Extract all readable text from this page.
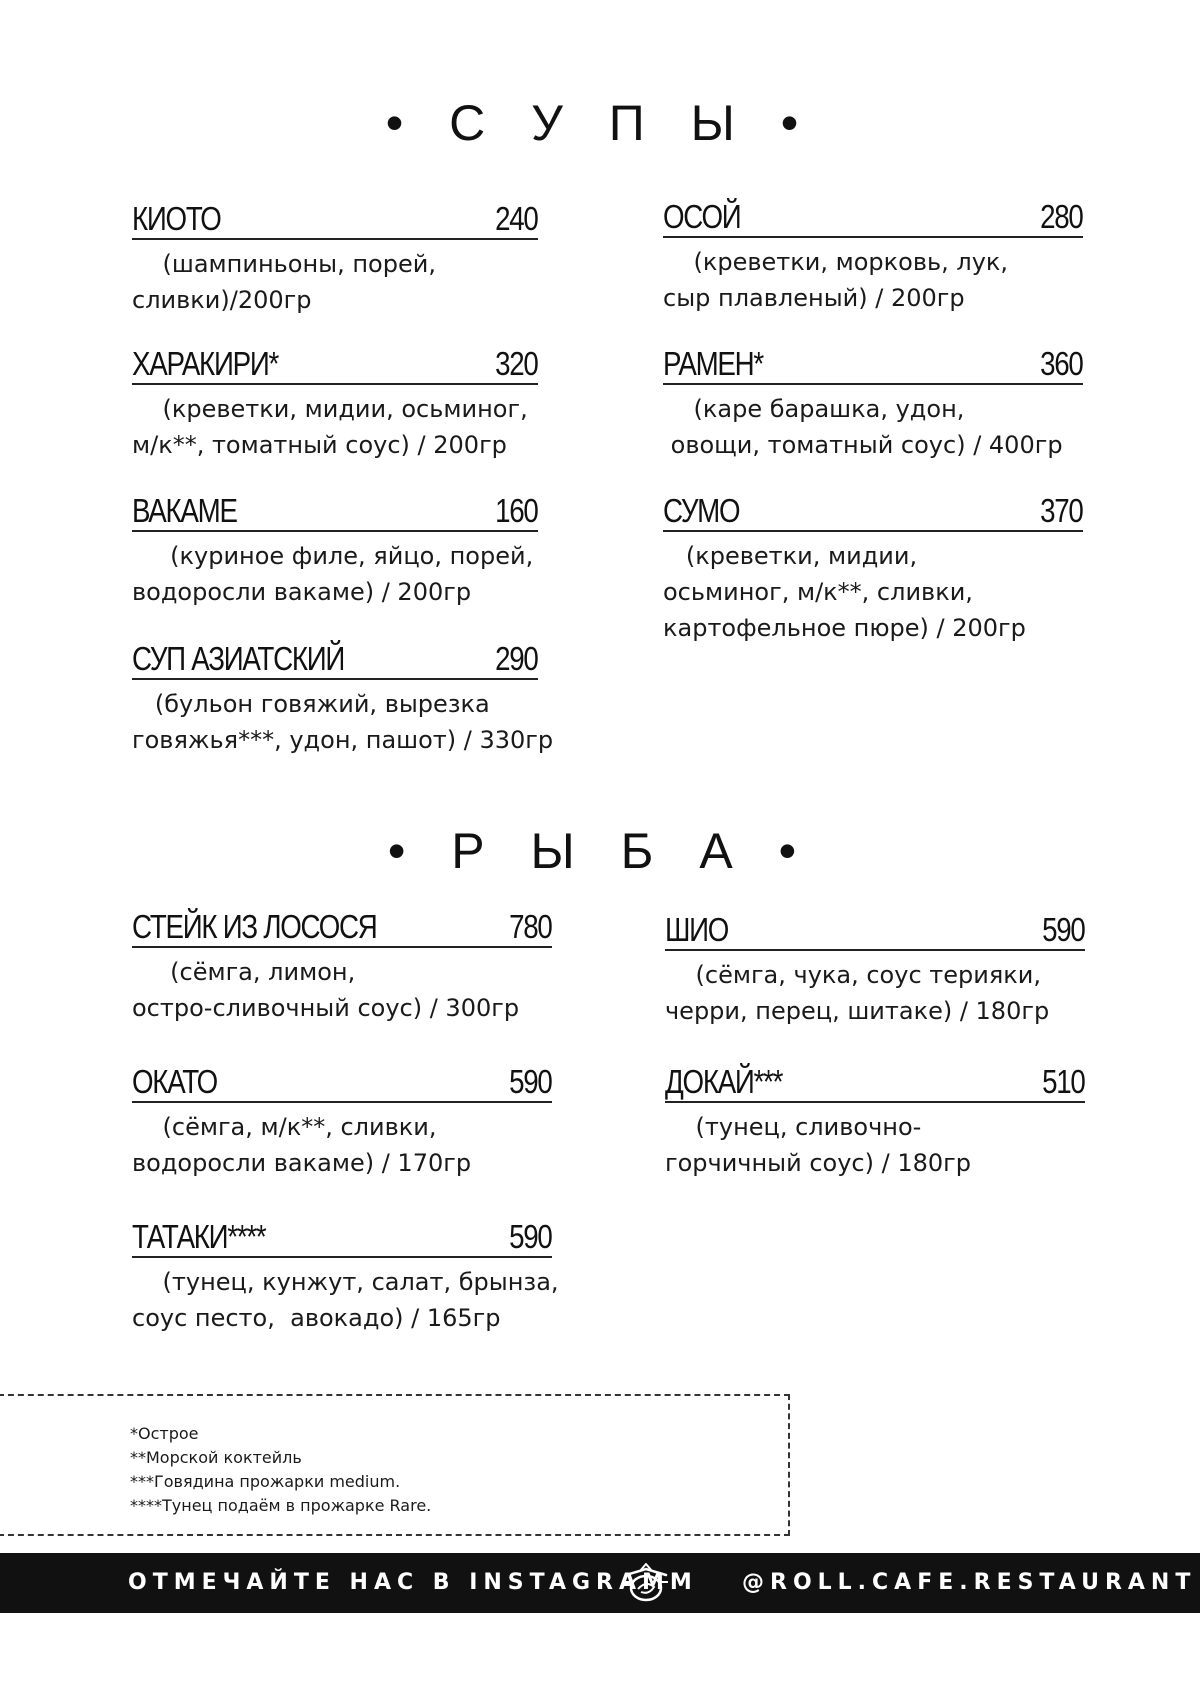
• С У П Ы •
КИОТО	240
(шампиньоны, порей,
сливки)/200гр
ХАРАКИРИ*	320
(креветки, мидии, осьминог,
м/к**, томатный соус) / 200гр
ВАКАМЕ	160
(куриное филе, яйцо, порей,
водоросли вакаме) / 200гр
СУП АЗИАТСКИЙ	290
(бульон говяжий, вырезка
говяжья***, удон, пашот) / 330гр
ОСОЙ	280
(креветки, морковь, лук,
сыр плавленый) / 200гр
РАМЕН*	360
(каре барашка, удон,
овощи, томатный соус) / 400гр
СУМО	370
(креветки, мидии,
осьминог, м/к**, сливки,
картофельное пюре) / 200гр
• Р Ы Б А •
СТЕЙК ИЗ ЛОСОСЯ	780
(сёмга, лимон,
остро-сливочный соус) / 300гр
ОКАТО	590
(сёмга, м/к**, сливки,
водоросли вакаме) / 170гр
ТАТАКИ****	590
(тунец, кунжут, салат, брынза,
соус песто,  авокадо) / 165гр
ШИО	590
(сёмга, чука, соус терияки,
черри, перец, шитаке) / 180гр
ДОКАЙ***	510
(тунец, сливочно-
горчичный соус) / 180гр
*Острое
**Морской коктейль
***Говядина прожарки medium.
****Тунец подаём в прожарке Rare.
ОТМЕЧАЙТЕ НАС В INSTAGRAMM @ROLL.CAFE.RESTAURANT
